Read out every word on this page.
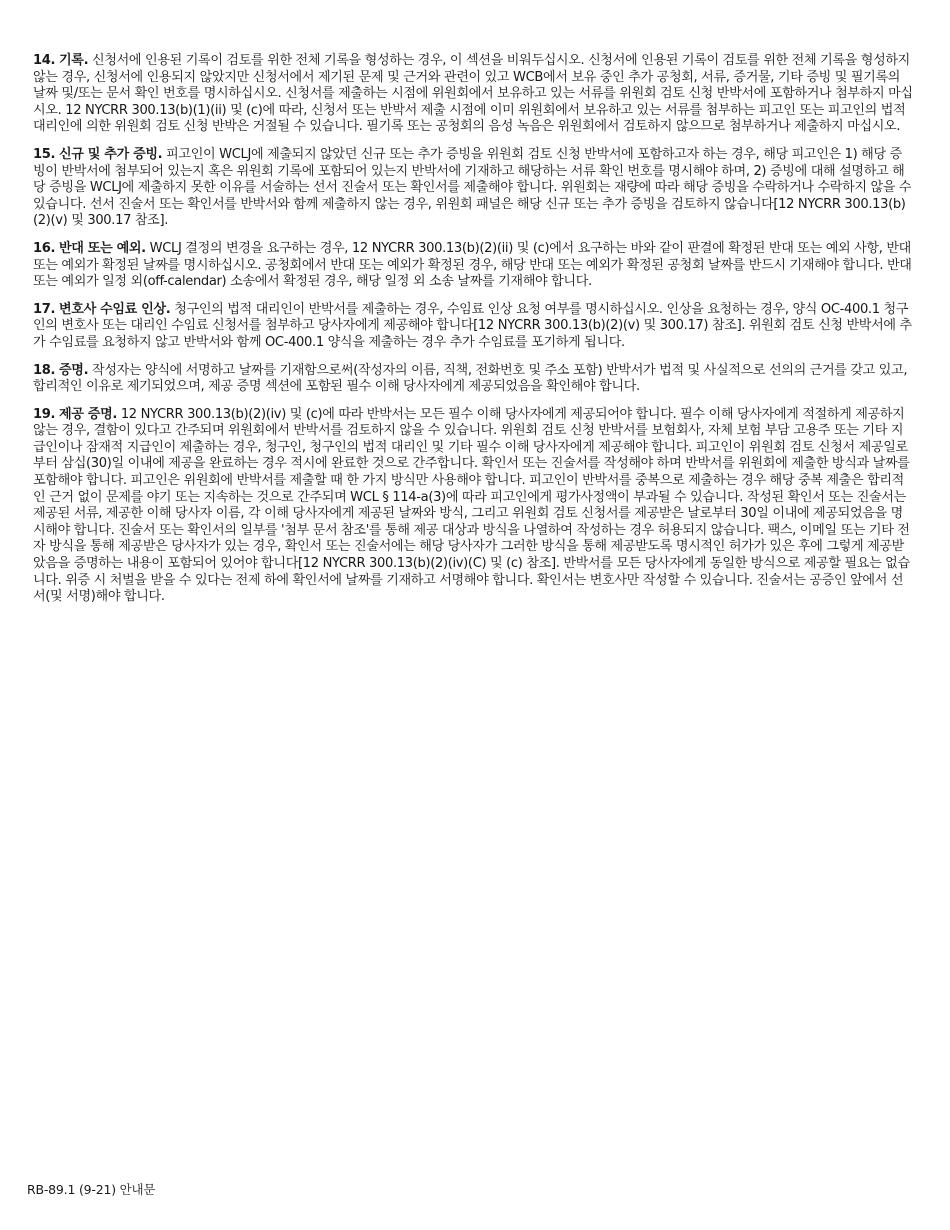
14. 기록. 신청서에 인용된 기록이 검토를 위한 전체 기록을 형성하는 경우, 이 섹션을 비워두십시오. 신청서에 인용된 기록이 검토를 위한 전체 기록을 형성하지 않는 경우, 신청서에 인용되지 않았지만 신청서에서 제기된 문제 및 근거와 관련이 있고 WCB에서 보유 중인 추가 공청회, 서류, 증거물, 기타 증빙 및 필기록의 날짜 및/또는 문서 확인 번호를 명시하십시오. 신청서를 제출하는 시점에 위원회에서 보유하고 있는 서류를 위원회 검토 신청 반박서에 포함하거나 첨부하지 마십시오. 12 NYCRR 300.13(b)(1)(ii) 및 (c)에 따라, 신청서 또는 반박서 제출 시점에 이미 위원회에서 보유하고 있는 서류를 첨부하는 피고인 또는 피고인의 법적 대리인에 의한 위원회 검토 신청 반박은 거절될 수 있습니다. 필기록 또는 공청회의 음성 녹음은 위원회에서 검토하지 않으므로 첨부하거나 제출하지 마십시오.

15. 신규 및 추가 증빙. 피고인이 WCLJ에 제출되지 않았던 신규 또는 추가 증빙을 위원회 검토 신청 반박서에 포함하고자 하는 경우, 해당 피고인은 1) 해당 증빙이 반박서에 첨부되어 있는지 혹은 위원회 기록에 포함되어 있는지 반박서에 기재하고 해당하는 서류 확인 번호를 명시해야 하며, 2) 증빙에 대해 설명하고 해당 증빙을 WCLJ에 제출하지 못한 이유를 서술하는 선서 진술서 또는 확인서를 제출해야 합니다. 위원회는 재량에 따라 해당 증빙을 수락하거나 수락하지 않을 수 있습니다. 선서 진술서 또는 확인서를 반박서와 함께 제출하지 않는 경우, 위원회 패널은 해당 신규 또는 추가 증빙을 검토하지 않습니다[12 NYCRR 300.13(b)(2)(v) 및 300.17 참조].

16. 반대 또는 예외. WCLJ 결정의 변경을 요구하는 경우, 12 NYCRR 300.13(b)(2)(ii) 및 (c)에서 요구하는 바와 같이 판결에 확정된 반대 또는 예외 사항, 반대 또는 예외가 확정된 날짜를 명시하십시오. 공청회에서 반대 또는 예외가 확정된 경우, 해당 반대 또는 예외가 확정된 공청회 날짜를 반드시 기재해야 합니다. 반대 또는 예외가 일정 외(off-calendar) 소송에서 확정된 경우, 해당 일정 외 소송 날짜를 기재해야 합니다.

17. 변호사 수임료 인상. 청구인의 법적 대리인이 반박서를 제출하는 경우, 수임료 인상 요청 여부를 명시하십시오. 인상을 요청하는 경우, 양식 OC-400.1 청구인의 변호사 또는 대리인 수임료 신청서를 첨부하고 당사자에게 제공해야 합니다[12 NYCRR 300.13(b)(2)(v) 및 300.17) 참조]. 위원회 검토 신청 반박서에 추가 수임료를 요청하지 않고 반박서와 함께 OC-400.1 양식을 제출하는 경우 추가 수임료를 포기하게 됩니다.

18. 증명. 작성자는 양식에 서명하고 날짜를 기재함으로써(작성자의 이름, 직책, 전화번호 및 주소 포함) 반박서가 법적 및 사실적으로 선의의 근거를 갖고 있고, 합리적인 이유로 제기되었으며, 제공 증명 섹션에 포함된 필수 이해 당사자에게 제공되었음을 확인해야 합니다.

19. 제공 증명. 12 NYCRR 300.13(b)(2)(iv) 및 (c)에 따라 반박서는 모든 필수 이해 당사자에게 제공되어야 합니다. 필수 이해 당사자에게 적절하게 제공하지 않는 경우, 결함이 있다고 간주되며 위원회에서 반박서를 검토하지 않을 수 있습니다. 위원회 검토 신청 반박서를 보험회사, 자체 보험 부담 고용주 또는 기타 지급인이나 잠재적 지급인이 제출하는 경우, 청구인, 청구인의 법적 대리인 및 기타 필수 이해 당사자에게 제공해야 합니다. 피고인이 위원회 검토 신청서 제공일로부터 삼십(30)일 이내에 제공을 완료하는 경우 적시에 완료한 것으로 간주합니다. 확인서 또는 진술서를 작성해야 하며 반박서를 위원회에 제출한 방식과 날짜를 포함해야 합니다. 피고인은 위원회에 반박서를 제출할 때 한 가지 방식만 사용해야 합니다. 피고인이 반박서를 중복으로 제출하는 경우 해당 중복 제출은 합리적인 근거 없이 문제를 야기 또는 지속하는 것으로 간주되며 WCL § 114-a(3)에 따라 피고인에게 평가사정액이 부과될 수 있습니다. 작성된 확인서 또는 진술서는 제공된 서류, 제공한 이해 당사자 이름, 각 이해 당사자에게 제공된 날짜와 방식, 그리고 위원회 검토 신청서를 제공받은 날로부터 30일 이내에 제공되었음을 명시해야 합니다. 진술서 또는 확인서의 일부를 '첨부 문서 참조'를 통해 제공 대상과 방식을 나열하여 작성하는 경우 허용되지 않습니다. 팩스, 이메일 또는 기타 전자 방식을 통해 제공받은 당사자가 있는 경우, 확인서 또는 진술서에는 해당 당사자가 그러한 방식을 통해 제공받도록 명시적인 허가가 있은 후에 그렇게 제공받았음을 증명하는 내용이 포함되어 있어야 합니다[12 NYCRR 300.13(b)(2)(iv)(C) 및 (c) 참조]. 반박서를 모든 당사자에게 동일한 방식으로 제공할 필요는 없습니다. 위증 시 처벌을 받을 수 있다는 전제 하에 확인서에 날짜를 기재하고 서명해야 합니다. 확인서는 변호사만 작성할 수 있습니다. 진술서는 공증인 앞에서 선서(및 서명)해야 합니다.

RB-89.1 (9-21) 안내문
